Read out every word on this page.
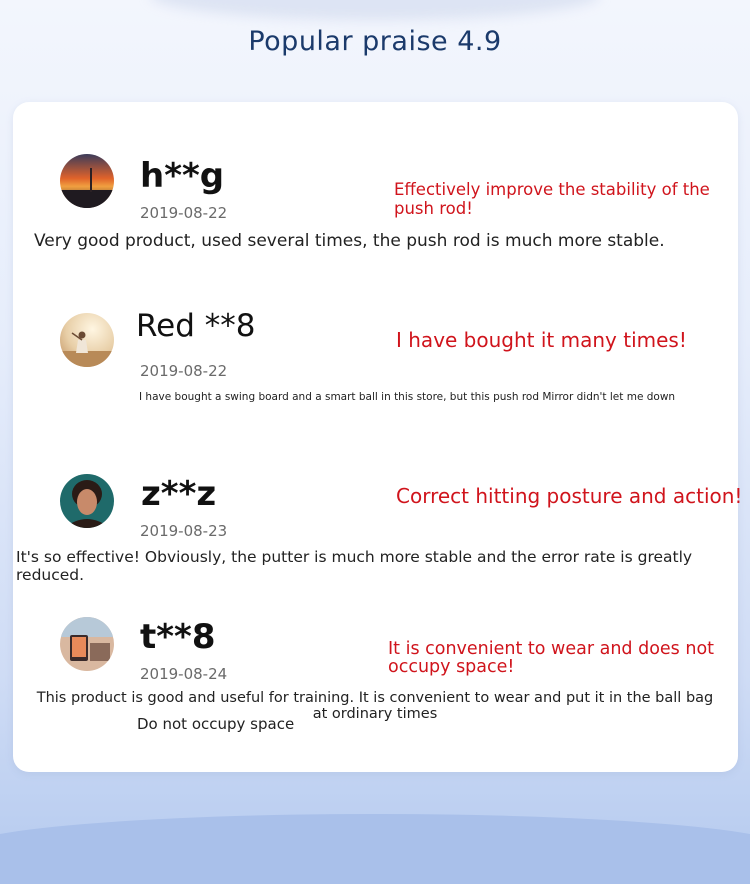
Popular praise 4.9
h**g
2019-08-22
Effectively improve the stability of the push rod!
Very good product, used several times, the push rod is much more stable.
Red **8
2019-08-22
I have bought it many times!
I have bought a swing board and a smart ball in this store, but this push rod Mirror didn't let me down
z**z
2019-08-23
Correct hitting posture and action!
It's so effective! Obviously, the putter is much more stable and the error rate is greatly reduced.
t**8
2019-08-24
It is convenient to wear and does not occupy space!
This product is good and useful for training. It is convenient to wear and put it in the ball bag at ordinary times
Do not occupy space
